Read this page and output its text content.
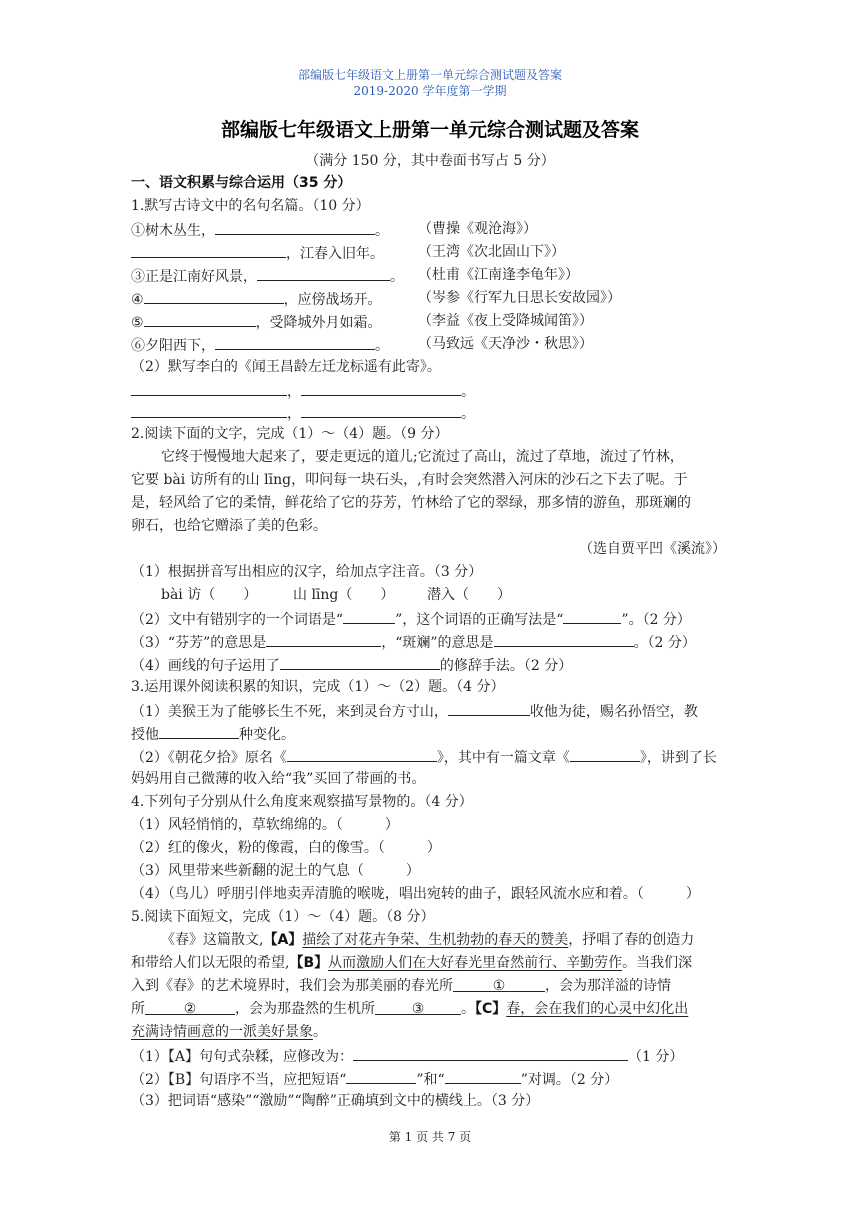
部编版七年级语文上册第一单元综合测试题及答案
2019-2020 学年度第一学期
部编版七年级语文上册第一单元综合测试题及答案
（满分 150 分，其中卷面书写占 5 分）
一、语文积累与综合运用（35 分）
1.默写古诗文中的名句名篇。（10 分）
①树木丛生，	。 （曹操《观沧海》）
，江春入旧年。 （王湾《次北固山下》）
③正是江南好风景，	。 （杜甫《江南逢李龟年》）
④	，应傍战场开。	（岑参《行军九日思长安故园》）
⑤	，受降城外月如霜。	（李益《夜上受降城闻笛》）
⑥夕阳西下，	。 （马致远《天净沙・秋思》）
（2）默写李白的《闻王昌龄左迁龙标遥有此寄》。
，	。
，	。
2.阅读下面的文字，完成（1）～（4）题。（9 分）
它终于慢慢地大起来了，要走更远的道儿;它流过了高山，流过了草地，流过了竹林，
它要 bài 访所有的山 līng，叩问每一块石头，,有时会突然潜入河床的沙石之下去了呢。于
是，轻风给了它的柔情，鲜花给了它的芬芳，竹林给了它的翠绿，那多情的游鱼，那斑斓的
卵石，也给它赠添了美的色彩。
（选自贾平凹《溪流》）
（1）根据拼音写出相应的汉字，给加点字注音。（3 分）
bài 访（　　）	山 līng（　　） 潜入（　　）
（2）文中有错别字的一个词语是“	”，这个词语的正确写法是“	”。（2 分）
（3）“芬芳”的意思是	，“斑斓”的意思是	。（2 分）
（4）画线的句子运用了	的修辞手法。（2 分）
3.运用课外阅读积累的知识，完成（1）～（2）题。（4 分）
（1）美猴王为了能够长生不死，来到灵台方寸山，	收他为徒，赐名孙悟空，教
授他	种变化。
（2）《朝花夕拾》原名《	》，其中有一篇文章《	》，讲到了长
妈妈用自己微薄的收入给“我”买回了带画的书。
4.下列句子分别从什么角度来观察描写景物的。（4 分）
（1）风轻悄悄的，草软绵绵的。（　　　）
（2）红的像火，粉的像霞，白的像雪。（　　　）
（3）风里带来些新翻的泥土的气息（　　　）
（4）（鸟儿）呼朋引伴地卖弄清脆的喉咙，唱出宛转的曲子，跟轻风流水应和着。（　　　）
5.阅读下面短文，完成（1）～（4）题。（8 分）
《春》这篇散文,【A】描绘了对花卉争荣、生机勃勃的春天的赞美，抒唱了春的创造力
和带给人们以无限的希望,【B】从而激励人们在大好春光里奋然前行、辛勤劳作。当我们深
入到《春》的艺术境界时，我们会为那美丽的春光所	①	，会为那洋溢的诗情
所	②	，会为那盎然的生机所	③	。【C】春，会在我们的心灵中幻化出
充满诗情画意的一派美好景象。
（1）【A】句句式杂糅，应修改为：	（1 分）
（2）【B】句语序不当，应把短语“	”和“	”对调。（2 分）
（3）把词语“感染”“激励”“陶醉”正确填到文中的横线上。（3 分）
第 1 页 共 7 页
